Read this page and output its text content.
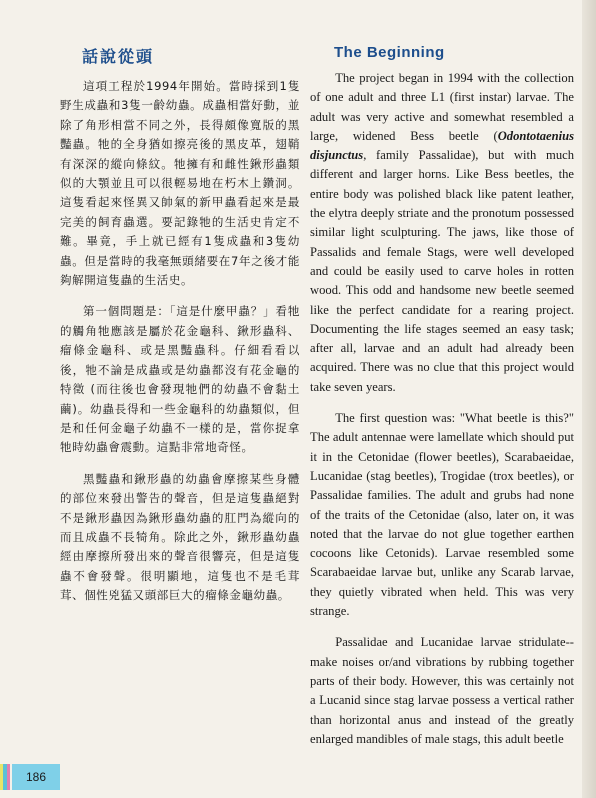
話說從頭

這項工程於1994年開始。當時採到1隻野生成蟲和3隻一齡幼蟲。成蟲相當好動，並除了角形相當不同之外，長得頗像寬版的黑豔蟲。牠的全身猶如擦亮後的黑皮革，翅鞘有深深的縱向條紋。牠擁有和雌性鍬形蟲類似的大顎並且可以很輕易地在朽木上鑽洞。這隻看起來怪異又帥氣的新甲蟲看起來是最完美的飼育蟲選。要記錄牠的生活史肯定不難。畢竟，手上就已經有1隻成蟲和3隻幼蟲。但是當時的我毫無頭緒要在7年之後才能夠解開這隻蟲的生活史。

第一個問題是：「這是什麼甲蟲？」看牠的觸角牠應該是屬於花金龜科、鍬形蟲科、瘤條金龜科、或是黑豔蟲科。仔細看看以後，牠不論是成蟲或是幼蟲都沒有花金龜的特徵 (而往後也會發現牠們的幼蟲不會黏土繭)。幼蟲長得和一些金龜科的幼蟲類似，但是和任何金龜子幼蟲不一樣的是，當你捉拿牠時幼蟲會震動。這點非常地奇怪。

黑豔蟲和鍬形蟲的幼蟲會摩擦某些身體的部位來發出警告的聲音，但是這隻蟲絕對不是鍬形蟲因為鍬形蟲幼蟲的肛門為縱向的而且成蟲不長犄角。除此之外，鍬形蟲幼蟲經由摩擦所發出來的聲音很響亮，但是這隻蟲不會發聲。很明顯地，這隻也不是毛茸茸、個性兇猛又頭部巨大的瘤條金龜幼蟲。

The Beginning

The project began in 1994 with the collection of one adult and three L1 (first instar) larvae. The adult was very active and somewhat resembled a large, widened Bess beetle (Odontotaenius disjunctus, family Passalidae), but with much different and larger horns. Like Bess beetles, the entire body was polished black like patent leather, the elytra deeply striate and the pronotum possessed similar light sculpturing. The jaws, like those of Passalids and female Stags, were well developed and could be easily used to carve holes in rotten wood. This odd and handsome new beetle seemed like the perfect candidate for a rearing project. Documenting the life stages seemed an easy task; after all, larvae and an adult had already been acquired. There was no clue that this project would take seven years.

The first question was: "What beetle is this?" The adult antennae were lamellate which should put it in the Cetonidae (flower beetles), Scarabaeidae, Lucanidae (stag beetles), Trogidae (trox beetles), or Passalidae families. The adult and grubs had none of the traits of the Cetonidae (also, later on, it was noted that the larvae do not glue together earthen cocoons like Cetonids). Larvae resembled some Scarabaeidae larvae but, unlike any Scarab larvae, they quietly vibrated when held. This was very strange.

Passalidae and Lucanidae larvae stridulate--make noises or/and vibrations by rubbing together parts of their body. However, this was certainly not a Lucanid since stag larvae possess a vertical rather than horizontal anus and instead of the greatly enlarged mandibles of male stags, this adult beetle

186
